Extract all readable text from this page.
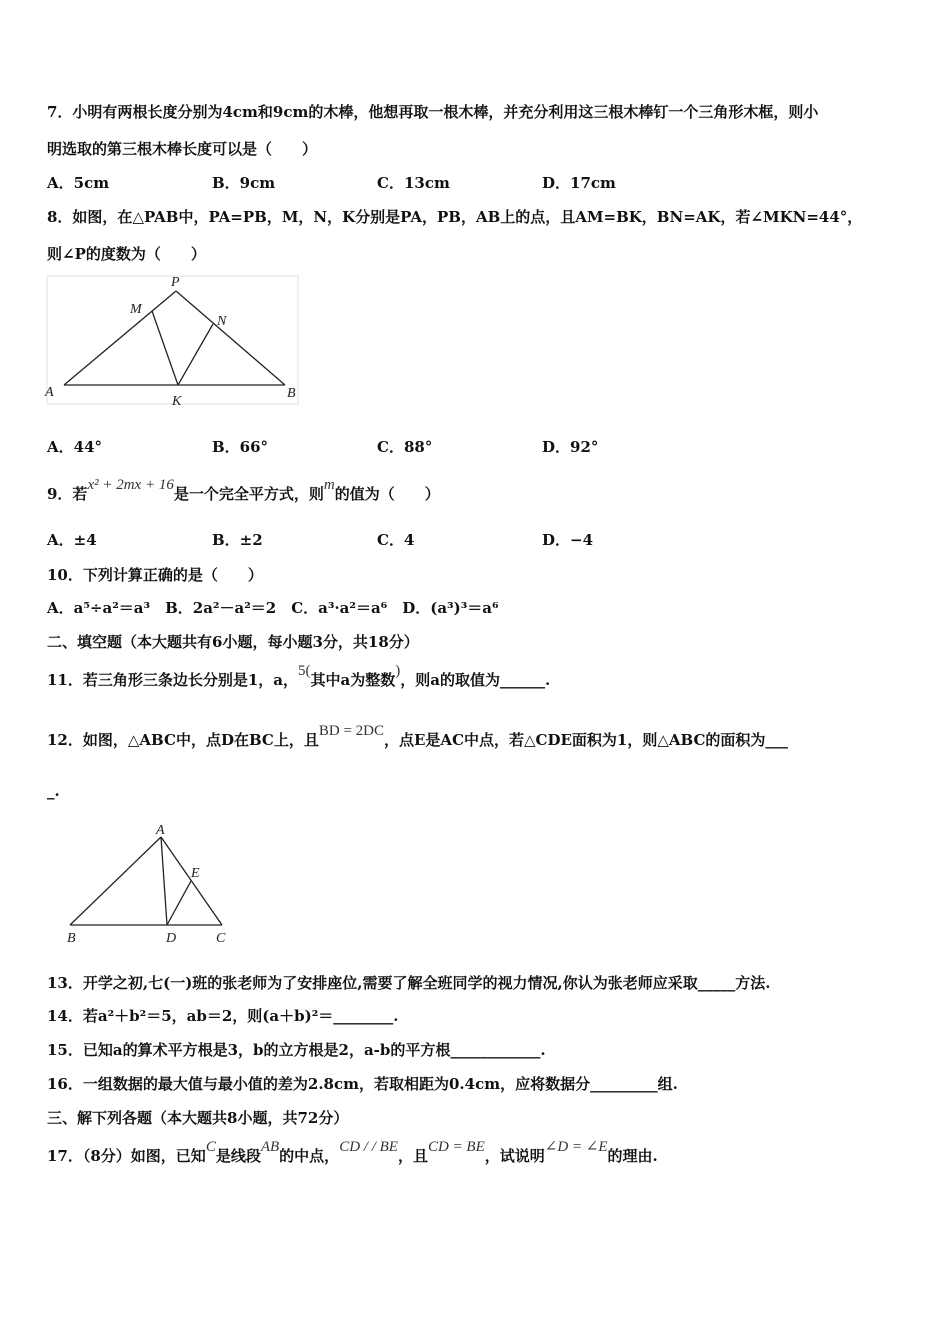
7．小明有两根长度分别为4cm和9cm的木棒，他想再取一根木棒，并充分利用这三根木棒钉一个三角形木框，则小
明选取的第三根木棒长度可以是（　　）
A．5cm	B．9cm	C．13cm	D．17cm
8．如图，在△PAB中，PA=PB，M，N，K分别是PA，PB，AB上的点，且AM=BK，BN=AK，若∠MKN=44°，
则∠P的度数为（　　）
P
M
N
A
K
B
A．44°	B．66°	C．88°	D．92°
9．若x² + 2mx + 16是一个完全平方式，则m的值为（　　）
A．±4	B．±2	C．4	D．−4
10．下列计算正确的是（　　）
A．a⁵÷a²＝a³　B．2a²－a²＝2　C．a³·a²＝a⁶　D．(a³)³＝a⁶
二、填空题（本大题共有6小题，每小题3分，共18分）
11．若三角形三条边长分别是1，a，5(其中a为整数)，则a的取值为______.
12．如图，△ABC中，点D在BC上，且BD = 2DC，点E是AC中点，若△CDE面积为1，则△ABC的面积为___
_.
A
E
B	D	C
13．开学之初,七(一)班的张老师为了安排座位,需要了解全班同学的视力情况,你认为张老师应采取_____方法.
14．若a²＋b²＝5，ab＝2，则(a＋b)²＝________.
15．已知a的算术平方根是3，b的立方根是2，a-b的平方根____________.
16．一组数据的最大值与最小值的差为2.8cm，若取相距为0.4cm，应将数据分_________组.
三、解下列各题（本大题共8小题，共72分）
17．（8分）如图，已知C是线段AB的中点，CD / / BE，且CD = BE，试说明∠D = ∠E的理由.
